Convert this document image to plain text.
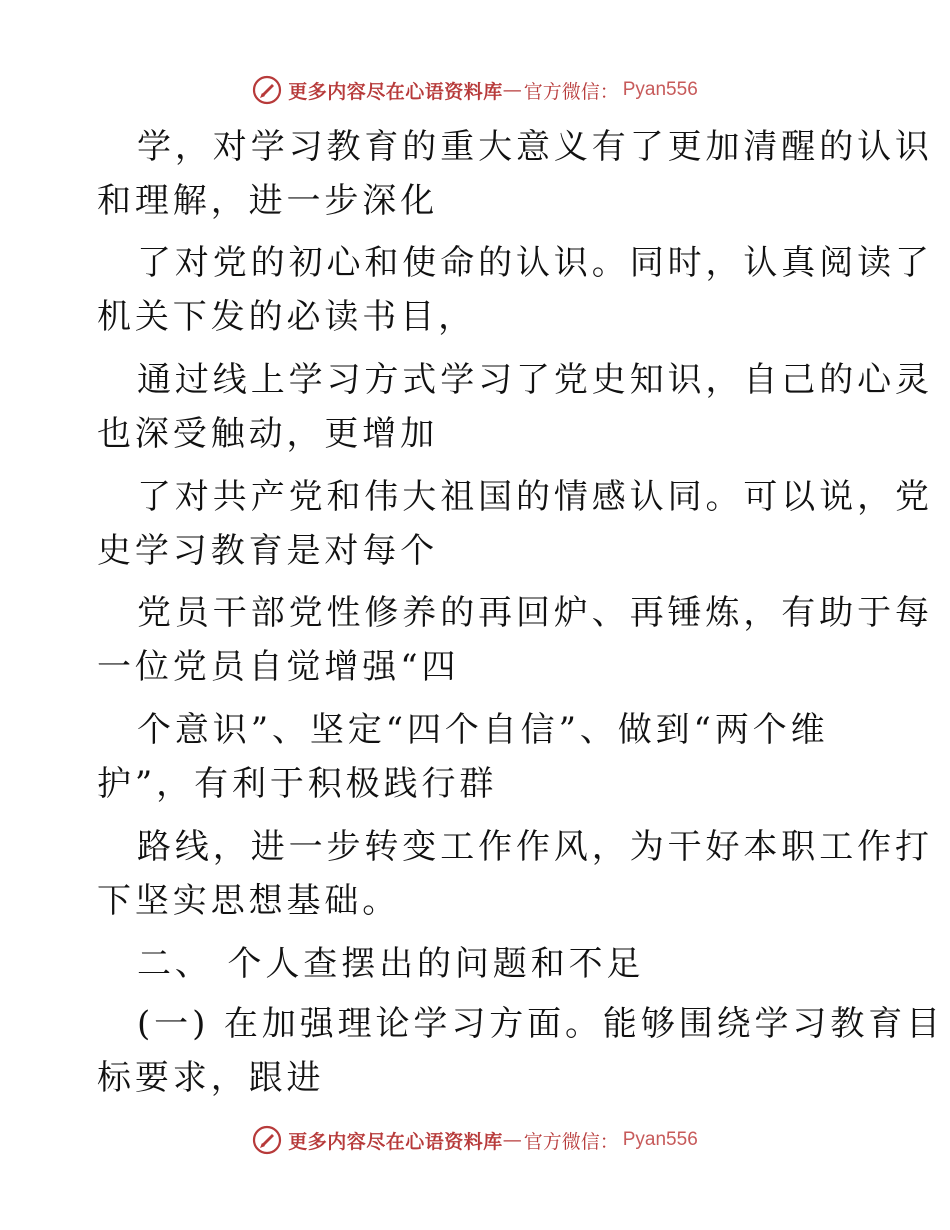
更多内容尽在心语资料库 — 官方微信： Pyan556
学，对学习教育的重大意义有了更加清醒的认识
和理解，进一步深化
了对党的初心和使命的认识。同时，认真阅读了
机关下发的必读书目，
通过线上学习方式学习了党史知识，自己的心灵
也深受触动，更增加
了对共产党和伟大祖国的情感认同。可以说，党
史学习教育是对每个
党员干部党性修养的再回炉、再锤炼，有助于每
一位党员自觉增强“四
个意识”、坚定“四个自信”、做到“两个维
护”，有利于积极践行群
路线，进一步转变工作作风，为干好本职工作打
下坚实思想基础。
二、 个人查摆出的问题和不足
(一) 在加强理论学习方面。能够围绕学习教育目
标要求，跟进
更多内容尽在心语资料库 — 官方微信： Pyan556
